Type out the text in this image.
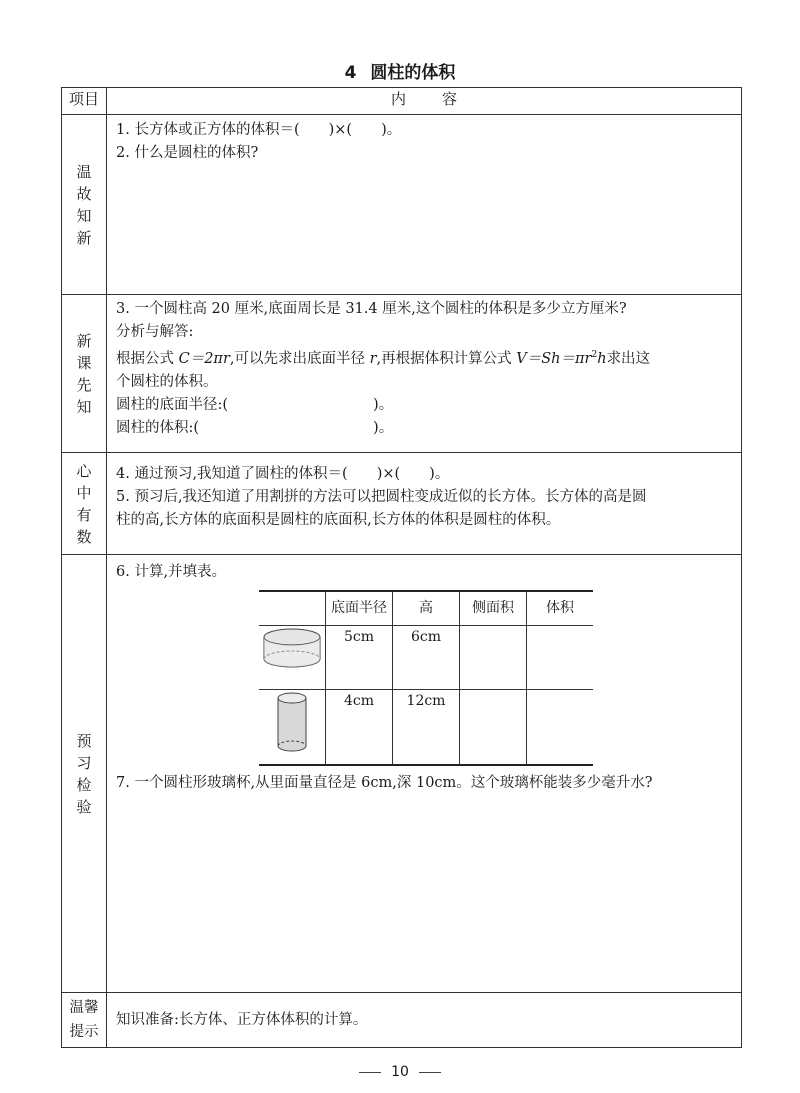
4 圆柱的体积
项目	内 容

温故知新

1. 长方体或正方体的体积＝(　　)×(　　)。
2. 什么是圆柱的体积?

新课先知

3. 一个圆柱高 20 厘米,底面周长是 31.4 厘米,这个圆柱的体积是多少立方厘米?
分析与解答:
根据公式 C＝2πr,可以先求出底面半径 r,再根据体积计算公式 $V=Sh=\pi r^2h$求出这
个圆柱的体积。
圆柱的底面半径:(　　　　　　　　　　)。
圆柱的体积:(　　　　　　　　　　　　)。

心中有数

4. 通过预习,我知道了圆柱的体积＝(　　)×(　　)。
5. 预习后,我还知道了用割拼的方法可以把圆柱变成近似的长方体。长方体的高是圆
柱的高,长方体的底面积是圆柱的底面积,长方体的体积是圆柱的体积。

预习检验

6. 计算,并填表。
	底面半径	高	侧面积	体积
	5cm	6cm		
	4cm	12cm		
7. 一个圆柱形玻璃杯,从里面量直径是 6cm,深 10cm。这个玻璃杯能装多少毫升水?

温馨提示

知识准备:长方体、正方体体积的计算。
10
